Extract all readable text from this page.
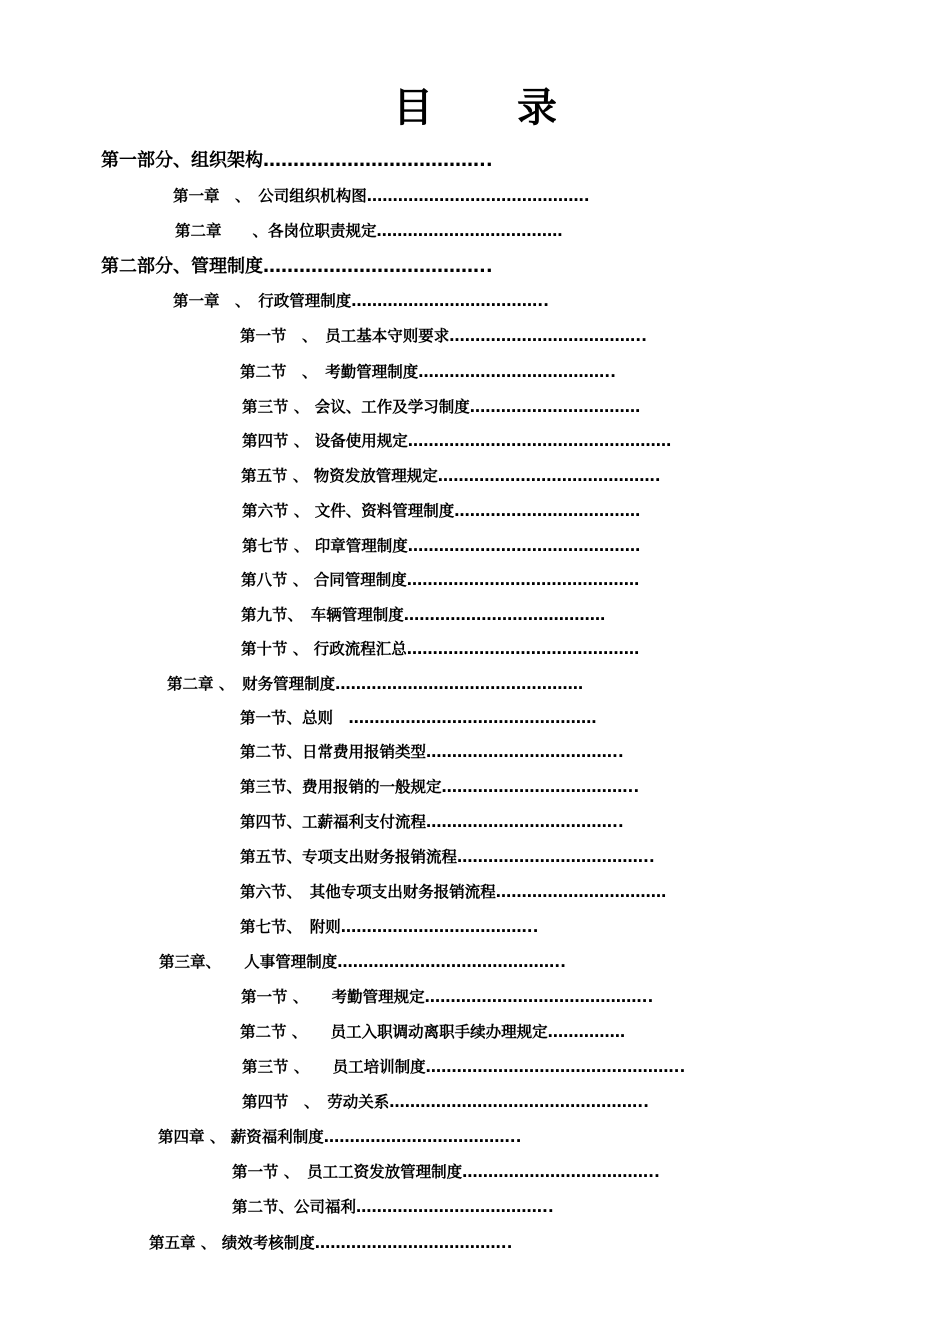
目 录
第一部分、组织架构………………………………..
第一章　、　公司组织机构图…………………………………….
第二章　　、各岗位职责规定………………………………
第二部分、管理制度………………………………..
第一章　、　行政管理制度………………………………..
第一节　、　员工基本守则要求………………………………..
第二节　、　考勤管理制度………………………………..
第三节 、 会议、工作及学习制度……………………………
第四节 、 设备使用规定……………………………………………
第五节 、 物资发放管理规定…………………………………….
第六节 、 文件、资料管理制度………………………………
第七节 、 印章管理制度………………………………………
第八节 、 合同管理制度………………………………………
第九节、　车辆管理制度…………………………………
第十节 、 行政流程汇总………………………………………
第二章 、　财务管理制度…………………………………………
第一节、总则　…………………………………………
第二节、日常费用报销类型………………………………..
第三节、费用报销的一般规定………………………………..
第四节、工薪福利支付流程………………………………..
第五节、专项支出财务报销流程………………………………..
第六节、　其他专项支出财务报销流程……………………………
第七节、　附则………………………………..
第三章、　　人事管理制度……………………………………..
第一节 、　　考勤管理规定……………………………………..
第二节 、　　员工入职调动离职手续办理规定……………
第三节 、　　员工培训制度…………………………………………..
第四节　、　劳动关系…………………………………………..
第四章 、 薪资福利制度………………………………..
第一节 、　员工工资发放管理制度………………………………..
第二节、公司福利………………………………..
第五章 、 绩效考核制度………………………………..
